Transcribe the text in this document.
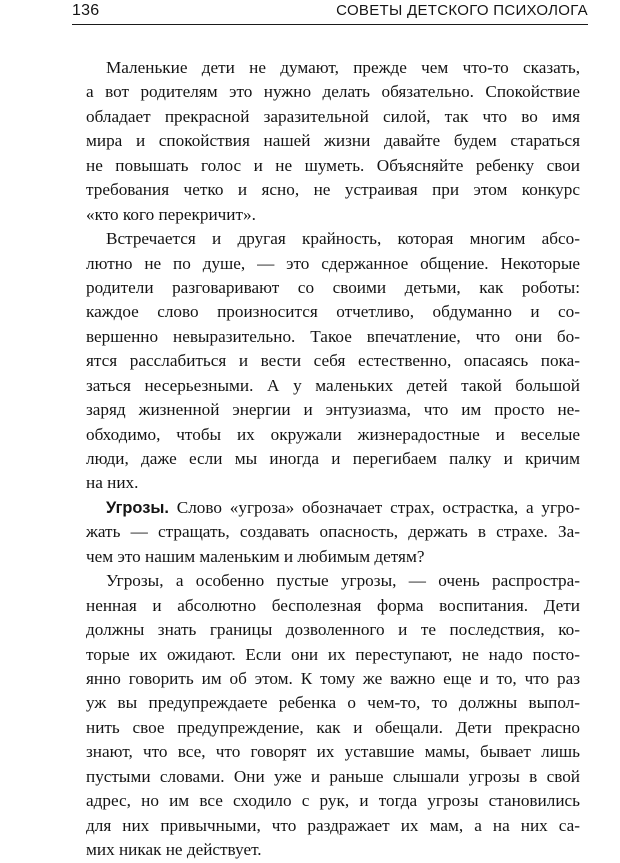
136	СОВЕТЫ ДЕТСКОГО ПСИХОЛОГА
Маленькие дети не думают, прежде чем что-то сказать,
а вот родителям это нужно делать обязательно. Спокойствие
обладает прекрасной заразительной силой, так что во имя
мира и спокойствия нашей жизни давайте будем стараться
не повышать голос и не шуметь. Объясняйте ребенку свои
требования четко и ясно, не устраивая при этом конкурс
«кто кого перекричит».
Встречается и другая крайность, которая многим абсо-
лютно не по душе, — это сдержанное общение. Некоторые
родители разговаривают со своими детьми, как роботы:
каждое слово произносится отчетливо, обдуманно и со-
вершенно невыразительно. Такое впечатление, что они бо-
ятся расслабиться и вести себя естественно, опасаясь пока-
заться несерьезными. А у маленьких детей такой большой
заряд жизненной энергии и энтузиазма, что им просто не-
обходимо, чтобы их окружали жизнерадостные и веселые
люди, даже если мы иногда и перегибаем палку и кричим
на них.
Угрозы. Слово «угроза» обозначает страх, острастка, а угро-
жать — стращать, создавать опасность, держать в страхе. За-
чем это нашим маленьким и любимым детям?
Угрозы, а особенно пустые угрозы, — очень распростра-
ненная и абсолютно бесполезная форма воспитания. Дети
должны знать границы дозволенного и те последствия, ко-
торые их ожидают. Если они их переступают, не надо посто-
янно говорить им об этом. К тому же важно еще и то, что раз
уж вы предупреждаете ребенка о чем-то, то должны выпол-
нить свое предупреждение, как и обещали. Дети прекрасно
знают, что все, что говорят их уставшие мамы, бывает лишь
пустыми словами. Они уже и раньше слышали угрозы в свой
адрес, но им все сходило с рук, и тогда угрозы становились
для них привычными, что раздражает их мам, а на них са-
мих никак не действует.
